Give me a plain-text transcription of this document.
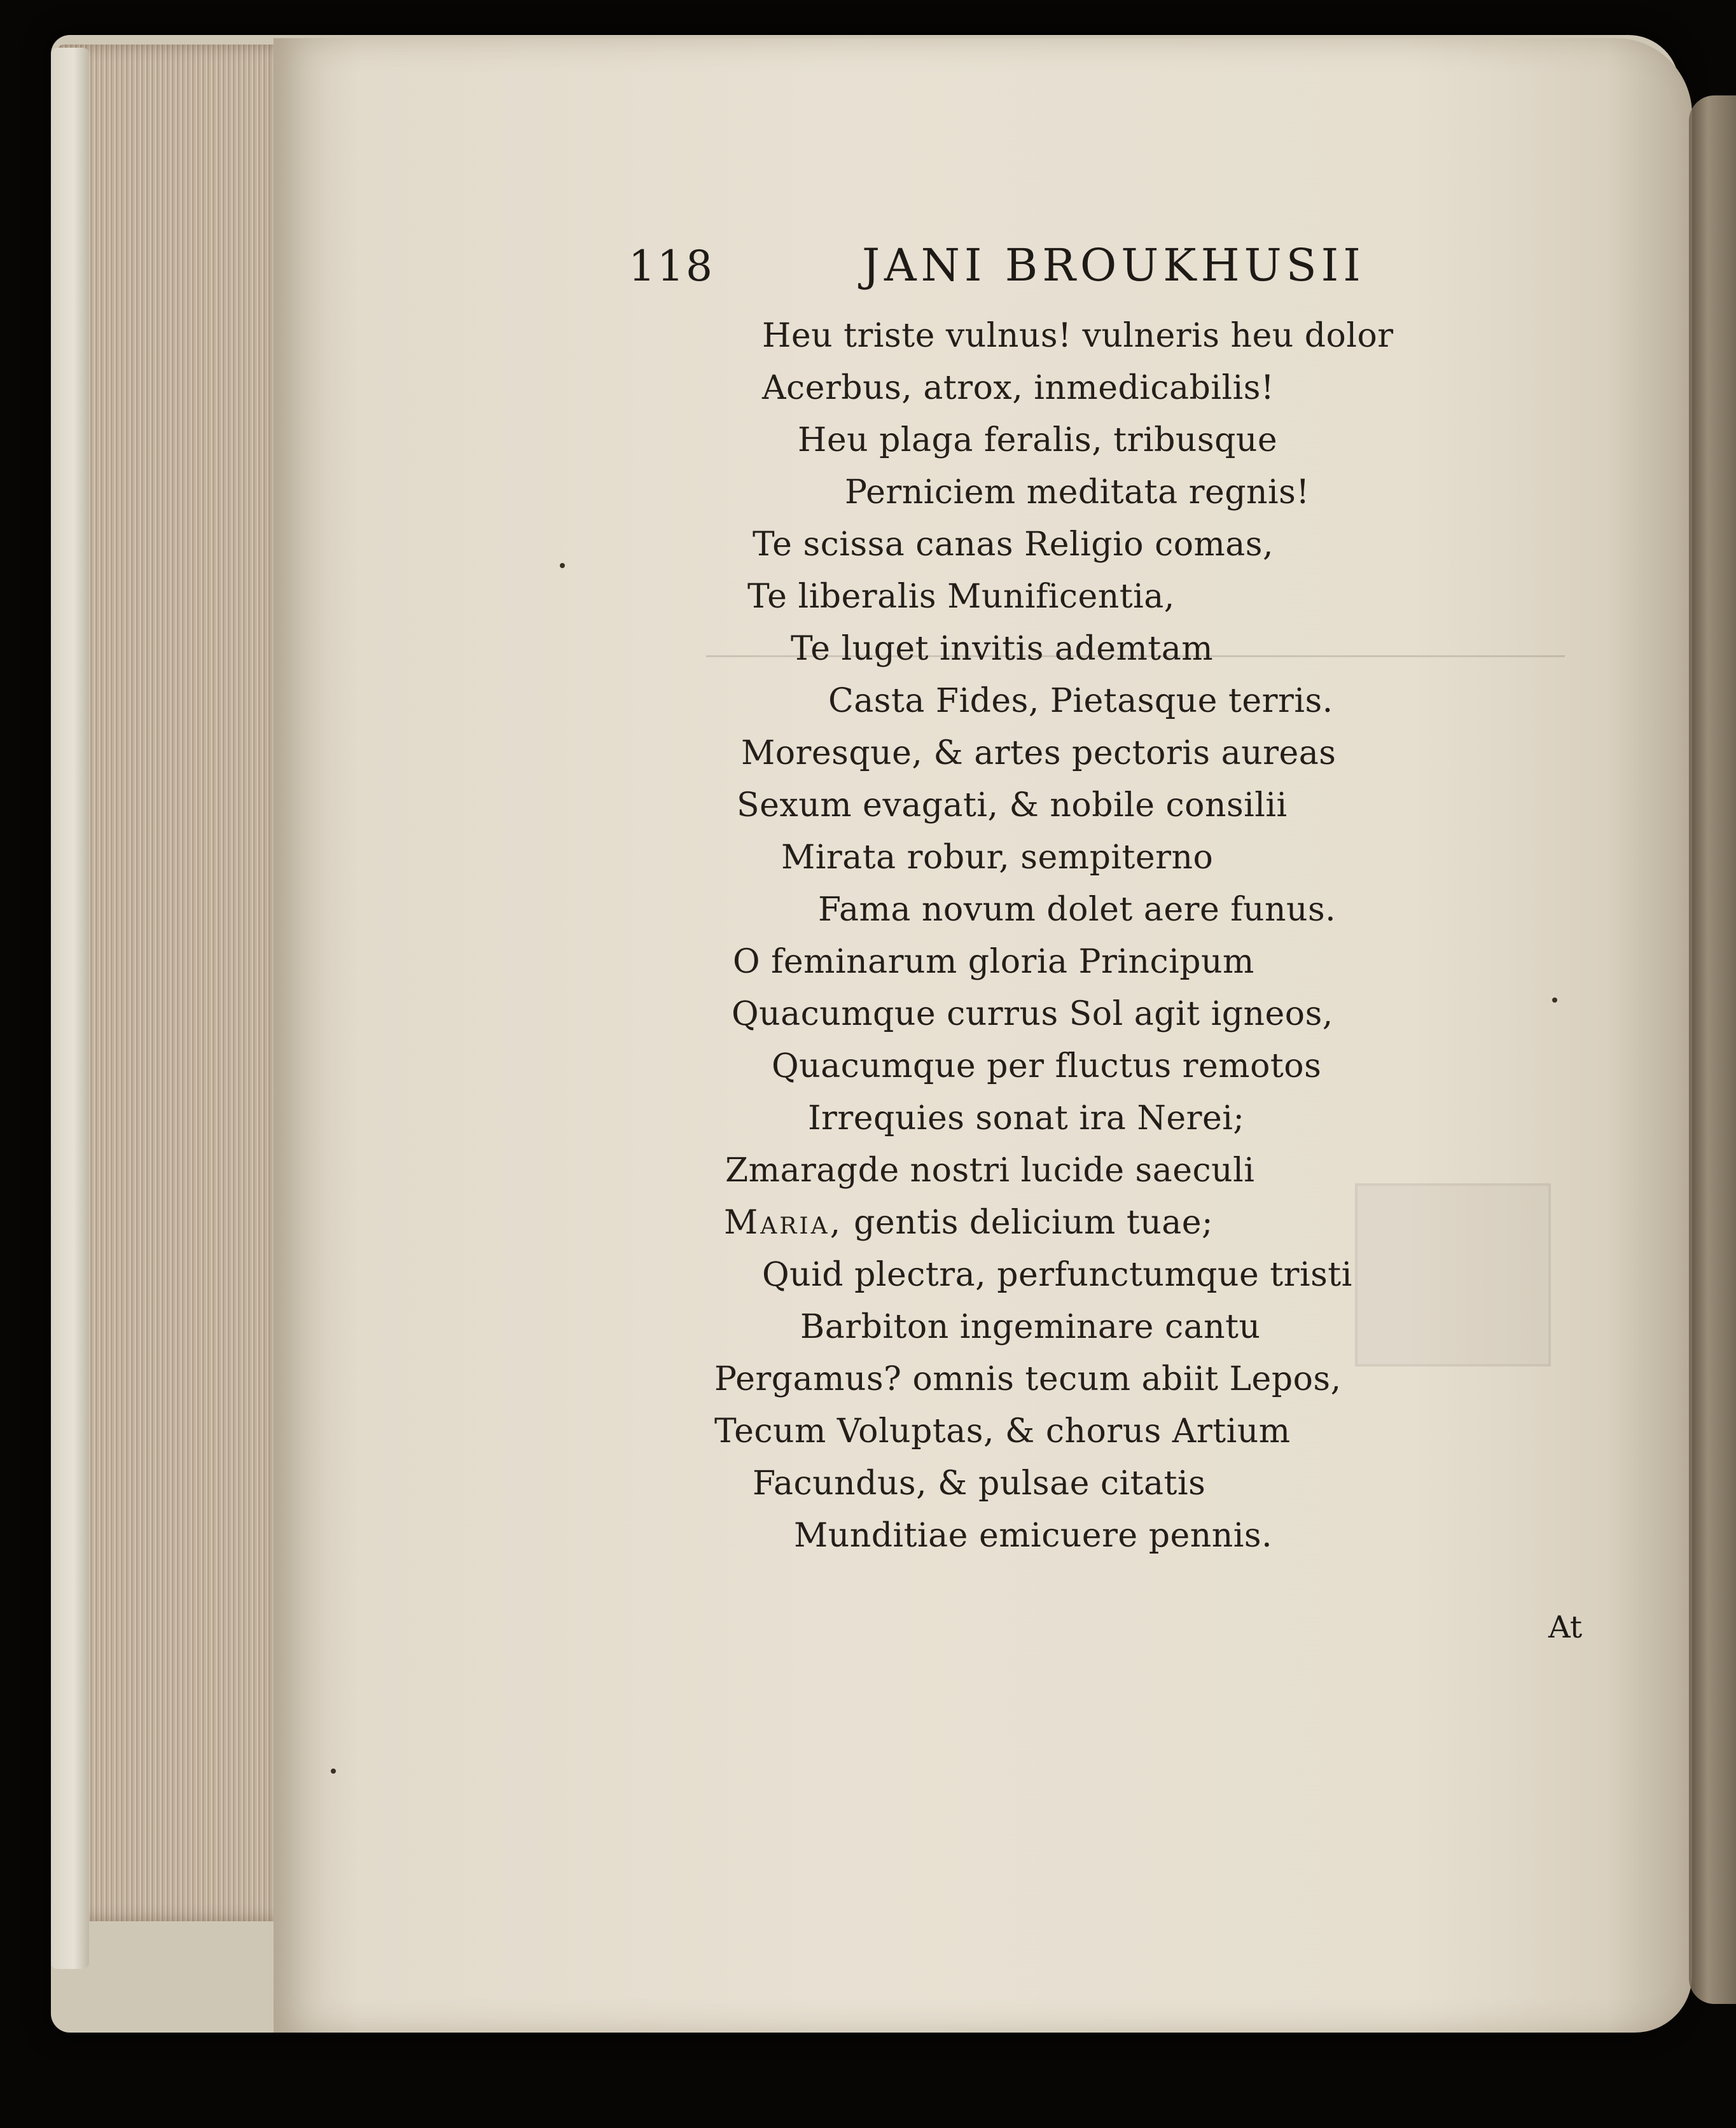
118	JANI BROUKHUSII
Heu triste vulnus! vulneris heu dolor
Acerbus, atrox, inmedicabilis!
Heu plaga feralis, tribusque
Perniciem meditata regnis!
Te scissa canas Religio comas,
Te liberalis Munificentia,
Te luget invitis ademtam
Casta Fides, Pietasque terris.
Moresque, & artes pectoris aureas
Sexum evagati, & nobile consilii
Mirata robur, sempiterno
Fama novum dolet aere funus.
O feminarum gloria Principum
Quacumque currus Sol agit igneos,
Quacumque per fluctus remotos
Irrequies sonat ira Nerei;
Zmaragde nostri lucide saeculi
Maria, gentis delicium tuae;
Quid plectra, perfunctumque tristi
Barbiton ingeminare cantu
Pergamus? omnis tecum abiit Lepos,
Tecum Voluptas, & chorus Artium
Facundus, & pulsae citatis
Munditiae emicuere pennis.
At
